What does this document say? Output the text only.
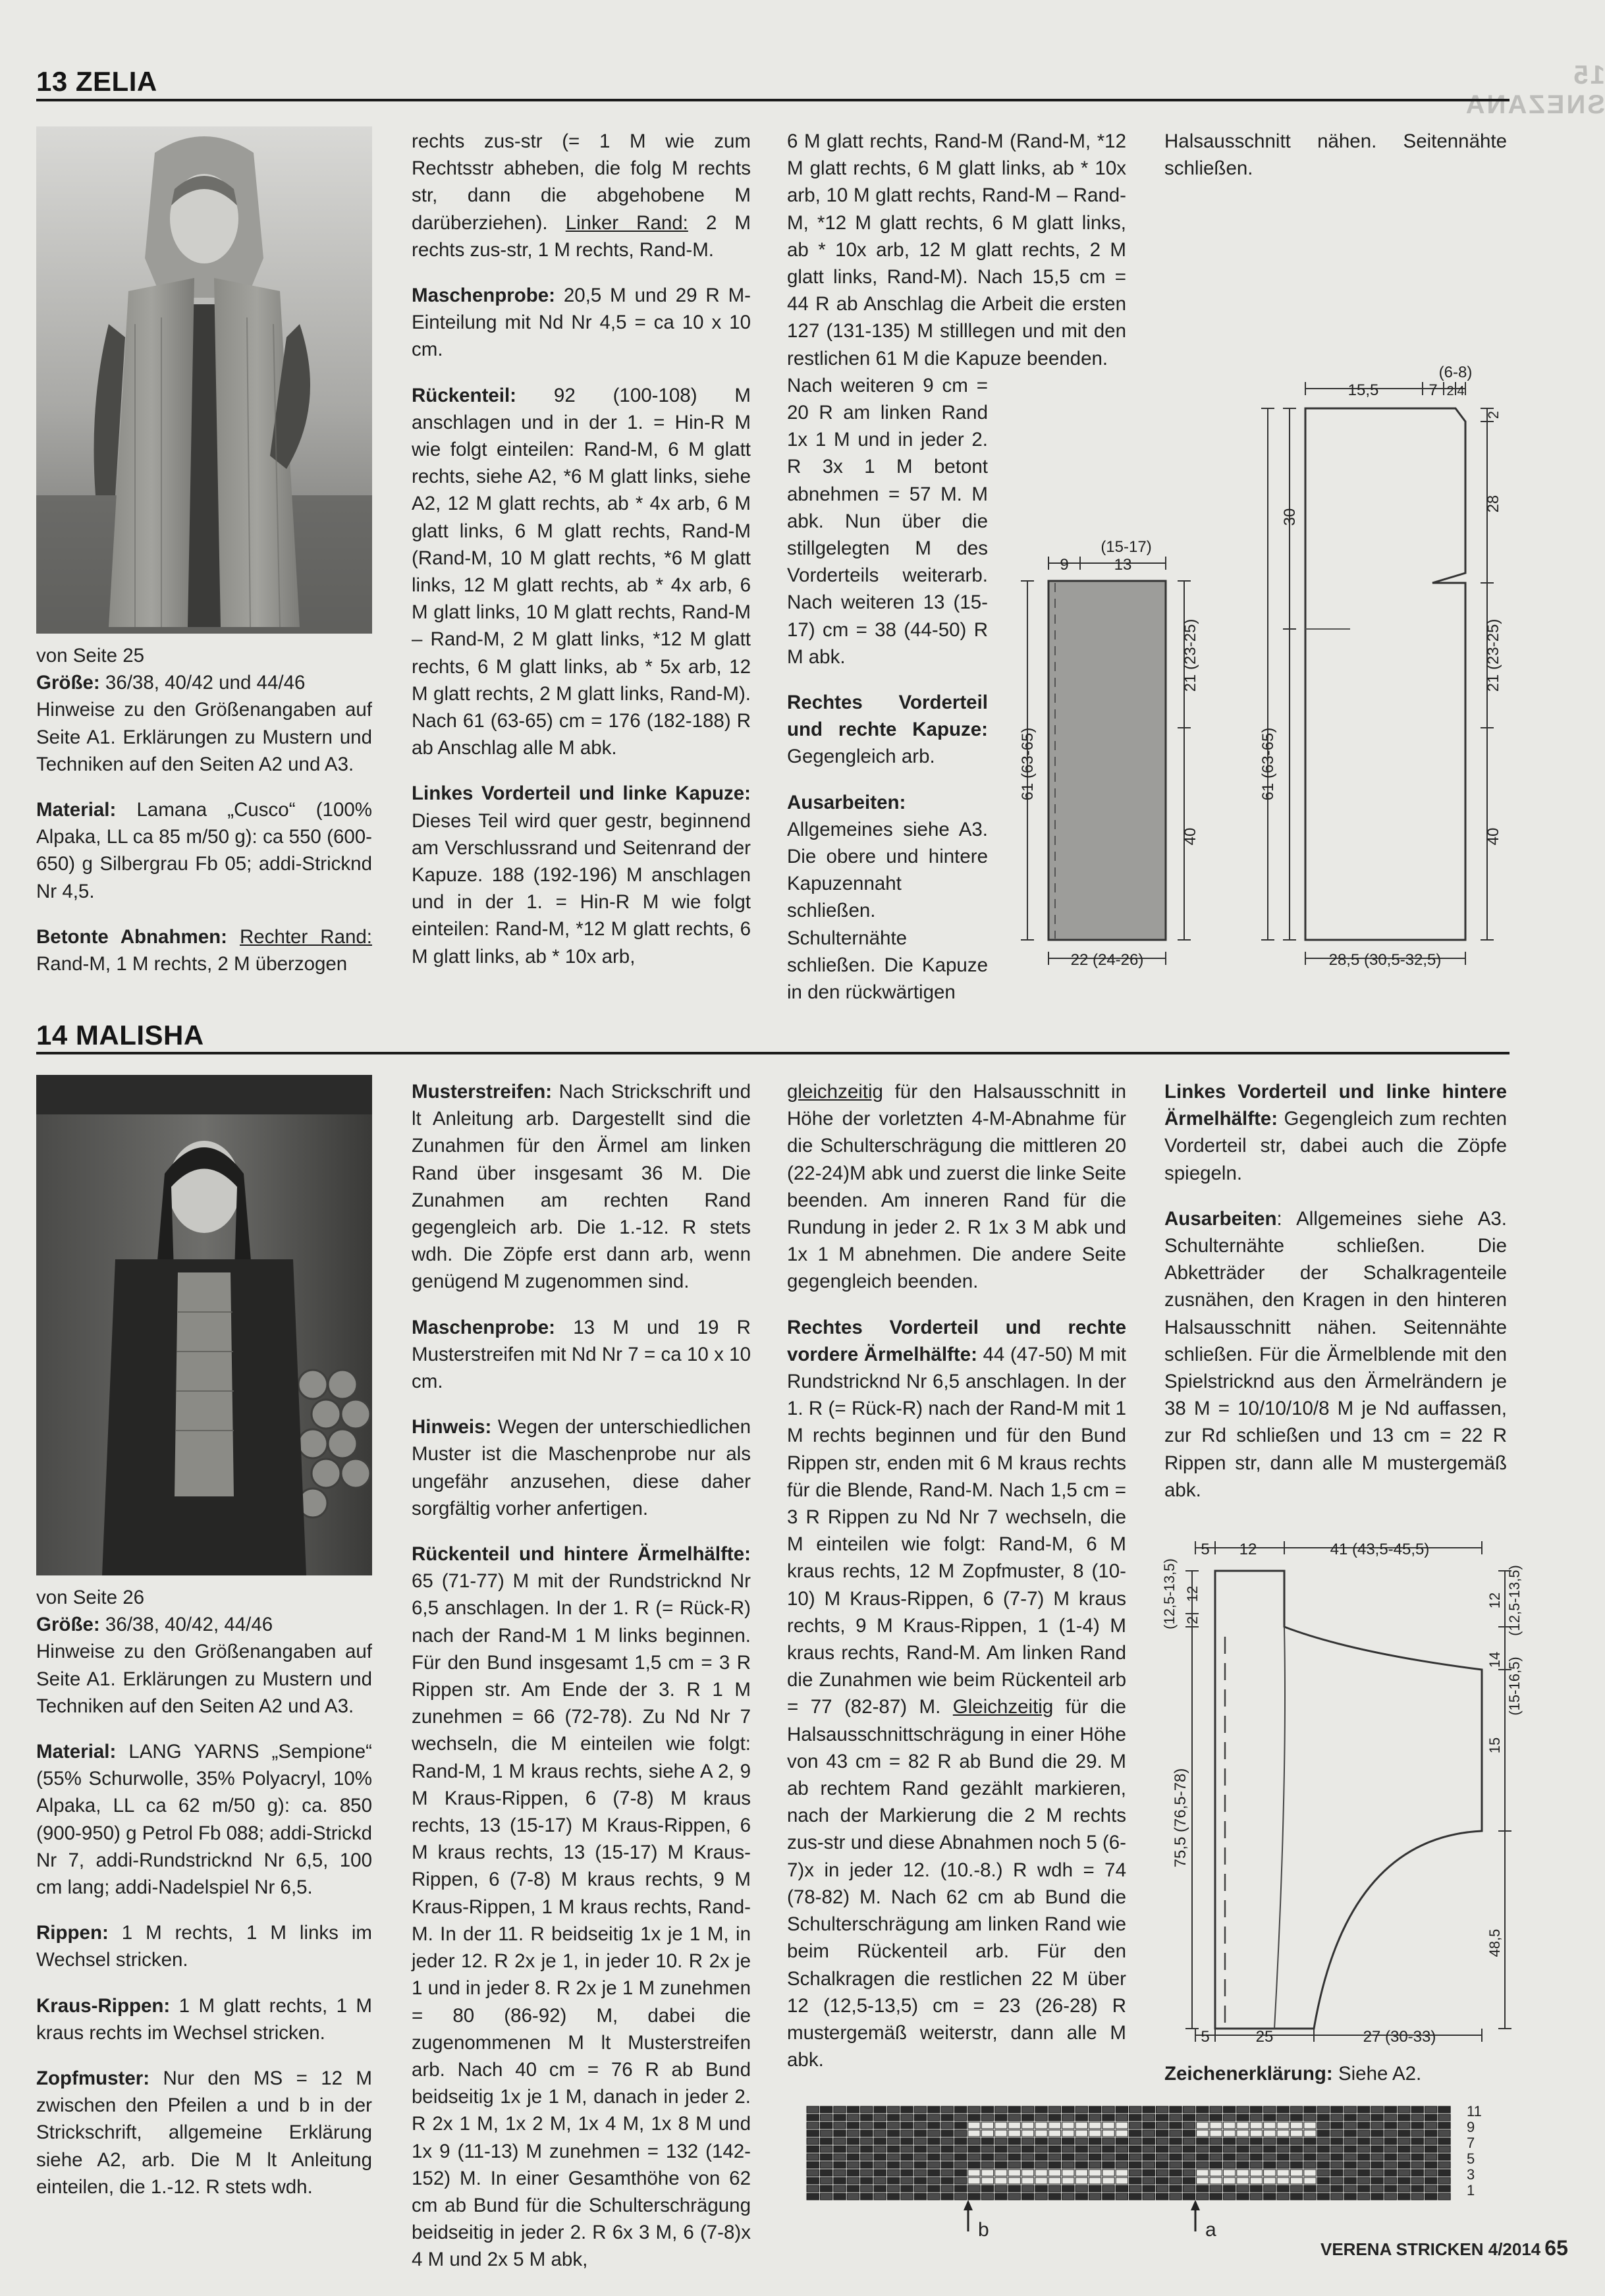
15 SNEZANA
13 ZELIA

von Seite 25
Größe: 36/38, 40/42 und 44/46
Hinweise zu den Größenangaben auf Seite A1. Erklärungen zu Mustern und Techniken auf den Seiten A2 und A3.

Material: Lamana „Cusco“ (100% Alpaka, LL ca 85 m/50 g): ca 550 (600-650) g Silbergrau Fb 05; addi-Stricknd Nr 4,5.

Betonte Abnahmen: Rechter Rand: Rand-M, 1 M rechts, 2 M überzogen

rechts zus-str (= 1 M wie zum Rechtsstr abheben, die folg M rechts str, dann die abgehobene M darüberziehen). Linker Rand: 2 M rechts zus-str, 1 M rechts, Rand-M.

Maschenprobe: 20,5 M und 29 R M-Einteilung mit Nd Nr 4,5 = ca 10 x 10 cm.

Rückenteil: 92 (100-108) M anschlagen und in der 1. = Hin-R M wie folgt einteilen: Rand-M, 6 M glatt rechts, siehe A2, *6 M glatt links, siehe A2, 12 M glatt rechts, ab * 4x arb, 6 M glatt links, 6 M glatt rechts, Rand-M (Rand-M, 10 M glatt rechts, *6 M glatt links, 12 M glatt rechts, ab * 4x arb, 6 M glatt links, 10 M glatt rechts, Rand-M – Rand-M, 2 M glatt links, *12 M glatt rechts, 6 M glatt links, ab * 5x arb, 12 M glatt rechts, 2 M glatt links, Rand-M). Nach 61 (63-65) cm = 176 (182-188) R ab Anschlag alle M abk.

Linkes Vorderteil und linke Kapuze: Dieses Teil wird quer gestr, beginnend am Verschlussrand und Seitenrand der Kapuze. 188 (192-196) M anschlagen und in der 1. = Hin-R M wie folgt einteilen: Rand-M, *12 M glatt rechts, 6 M glatt links, ab * 10x arb,

6 M glatt rechts, Rand-M (Rand-M, *12 M glatt rechts, 6 M glatt links, ab * 10x arb, 10 M glatt rechts, Rand-M – Rand-M, *12 M glatt rechts, 6 M glatt links, ab * 10x arb, 12 M glatt rechts, 2 M glatt links, Rand-M). Nach 15,5 cm = 44 R ab Anschlag die Arbeit die ersten 127 (131-135) M stilllegen und mit den restlichen 61 M die Kapuze beenden.

Nach weiteren 9 cm = 20 R am linken Rand 1x 1 M und in jeder 2. R 3x 1 M betont abnehmen = 57 M. M abk. Nun über die stillgelegten M des Vorderteils weiterarb. Nach weiteren 13 (15-17) cm = 38 (44-50) R M abk.

Rechtes Vorderteil und rechte Kapuze: Gegengleich arb.

Ausarbeiten: Allgemeines siehe A3. Die obere und hintere Kapuzennaht schließen. Schulternähte schließen. Die Kapuze in den rückwärtigen

Halsausschnitt nähen. Seitennähte schließen.

9	13
(15-17)
21 (23-25)
40
61 (63-65)
22 (24-26)
15,5	7
(6-8)
2 4
2
28
21 (23-25)
40
30
61 (63-65)
28,5 (30,5-32,5)
14 MALISHA

von Seite 26
Größe: 36/38, 40/42, 44/46
Hinweise zu den Größenangaben auf Seite A1. Erklärungen zu Mustern und Techniken auf den Seiten A2 und A3.

Material: LANG YARNS „Sempione“ (55% Schurwolle, 35% Polyacryl, 10% Alpaka, LL ca 62 m/50 g): ca. 850 (900-950) g Petrol Fb 088; addi-Strickd Nr 7, addi-Rundstricknd Nr 6,5, 100 cm lang; addi-Nadelspiel Nr 6,5.

Rippen: 1 M rechts, 1 M links im Wechsel stricken.

Kraus-Rippen: 1 M glatt rechts, 1 M kraus rechts im Wechsel stricken.

Zopfmuster: Nur den MS = 12 M zwischen den Pfeilen a und b in der Strickschrift, allgemeine Erklärung siehe A2, arb. Die M lt Anleitung einteilen, die 1.-12. R stets wdh.

Musterstreifen: Nach Strickschrift und lt Anleitung arb. Dargestellt sind die Zunahmen für den Ärmel am linken Rand über insgesamt 36 M. Die Zunahmen am rechten Rand gegengleich arb. Die 1.-12. R stets wdh. Die Zöpfe erst dann arb, wenn genügend M zugenommen sind.

Maschenprobe: 13 M und 19 R Musterstreifen mit Nd Nr 7 = ca 10 x 10 cm.

Hinweis: Wegen der unterschiedlichen Muster ist die Maschenprobe nur als ungefähr anzusehen, diese daher sorgfältig vorher anfertigen.

Rückenteil und hintere Ärmelhälfte: 65 (71-77) M mit der Rundstricknd Nr 6,5 anschlagen. In der 1. R (= Rück-R) nach der Rand-M 1 M links beginnen. Für den Bund insgesamt 1,5 cm = 3 R Rippen str. Am Ende der 3. R 1 M zunehmen = 66 (72-78). Zu Nd Nr 7 wechseln, die M einteilen wie folgt: Rand-M, 1 M kraus rechts, siehe A 2, 9 M Kraus-Rippen, 6 (7-8) M kraus rechts, 13 (15-17) M Kraus-Rippen, 6 M kraus rechts, 13 (15-17) M Kraus-Rippen, 6 (7-8) M kraus rechts, 9 M Kraus-Rippen, 1 M kraus rechts, Rand-M. In der 11. R beidseitig 1x je 1 M, in jeder 12. R 2x je 1, in jeder 10. R 2x je 1 und in jeder 8. R 2x je 1 M zunehmen = 80 (86-92) M, dabei die zugenommenen M lt Musterstreifen arb. Nach 40 cm = 76 R ab Bund beidseitig 1x je 1 M, danach in jeder 2. R 2x 1 M, 1x 2 M, 1x 4 M, 1x 8 M und 1x 9 (11-13) M zunehmen = 132 (142-152) M. In einer Gesamthöhe von 62 cm ab Bund für die Schulterschrägung beidseitig in jeder 2. R 6x 3 M, 6 (7-8)x 4 M und 2x 5 M abk,

gleichzeitig für den Halsausschnitt in Höhe der vorletzten 4-M-Abnahme für die Schulterschrägung die mittleren 20 (22-24)M abk und zuerst die linke Seite beenden. Am inneren Rand für die Rundung in jeder 2. R 1x 3 M abk und 1x 1 M abnehmen. Die andere Seite gegengleich beenden.

Rechtes Vorderteil und rechte vordere Ärmelhälfte: 44 (47-50) M mit Rundstricknd Nr 6,5 anschlagen. In der 1. R (= Rück-R) nach der Rand-M mit 1 M rechts beginnen und für den Bund Rippen str, enden mit 6 M kraus rechts für die Blende, Rand-M. Nach 1,5 cm = 3 R Rippen zu Nd Nr 7 wechseln, die M einteilen wie folgt: Rand-M, 6 M kraus rechts, 12 M Zopfmuster, 8 (10-10) M Kraus-Rippen, 6 (7-7) M kraus rechts, 9 M Kraus-Rippen, 1 (1-4) M kraus rechts, Rand-M. Am linken Rand die Zunahmen wie beim Rückenteil arb = 77 (82-87) M. Gleichzeitig für die Halsausschnittschrägung in einer Höhe von 43 cm = 82 R ab Bund die 29. M ab rechtem Rand gezählt markieren, nach der Markierung die 2 M rechts zus-str und diese Abnahmen noch 5 (6-7)x in jeder 12. (10.-8.) R wdh = 74 (78-82) M. Nach 62 cm ab Bund die Schulterschrägung am linken Rand wie beim Rückenteil arb. Für den Schalkragen die restlichen 22 M über 12 (12,5-13,5) cm = 23 (26-28) R mustergemäß weiterstr, dann alle M abk.

Linkes Vorderteil und linke hintere Ärmelhälfte: Gegengleich zum rechten Vorderteil str, dabei auch die Zöpfe spiegeln.

Ausarbeiten: Allgemeines siehe A3. Schulternähte schließen. Die Abketträder der Schalkragenteile zusnähen, den Kragen in den hinteren Halsausschnitt nähen. Seitennähte schließen. Für die Ärmelblende mit den Spielstricknd aus den Ärmelrändern je 38 M = 10/10/10/8 M je Nd auffassen, zur Rd schließen und 13 cm = 22 R Rippen str, dann alle M mustergemäß abk.

5 12	41 (43,5-45,5)
(12,5-13,5) 12
2
75,5 (76,5-78)
12 (12,5-13,5)
14 (15-16,5)
15
48,5
5	25	27 (30-33)

Zeichenerklärung: Siehe A2.

11
9
7
5
3
1
b	a
VERENA STRICKEN 4/2014 65
